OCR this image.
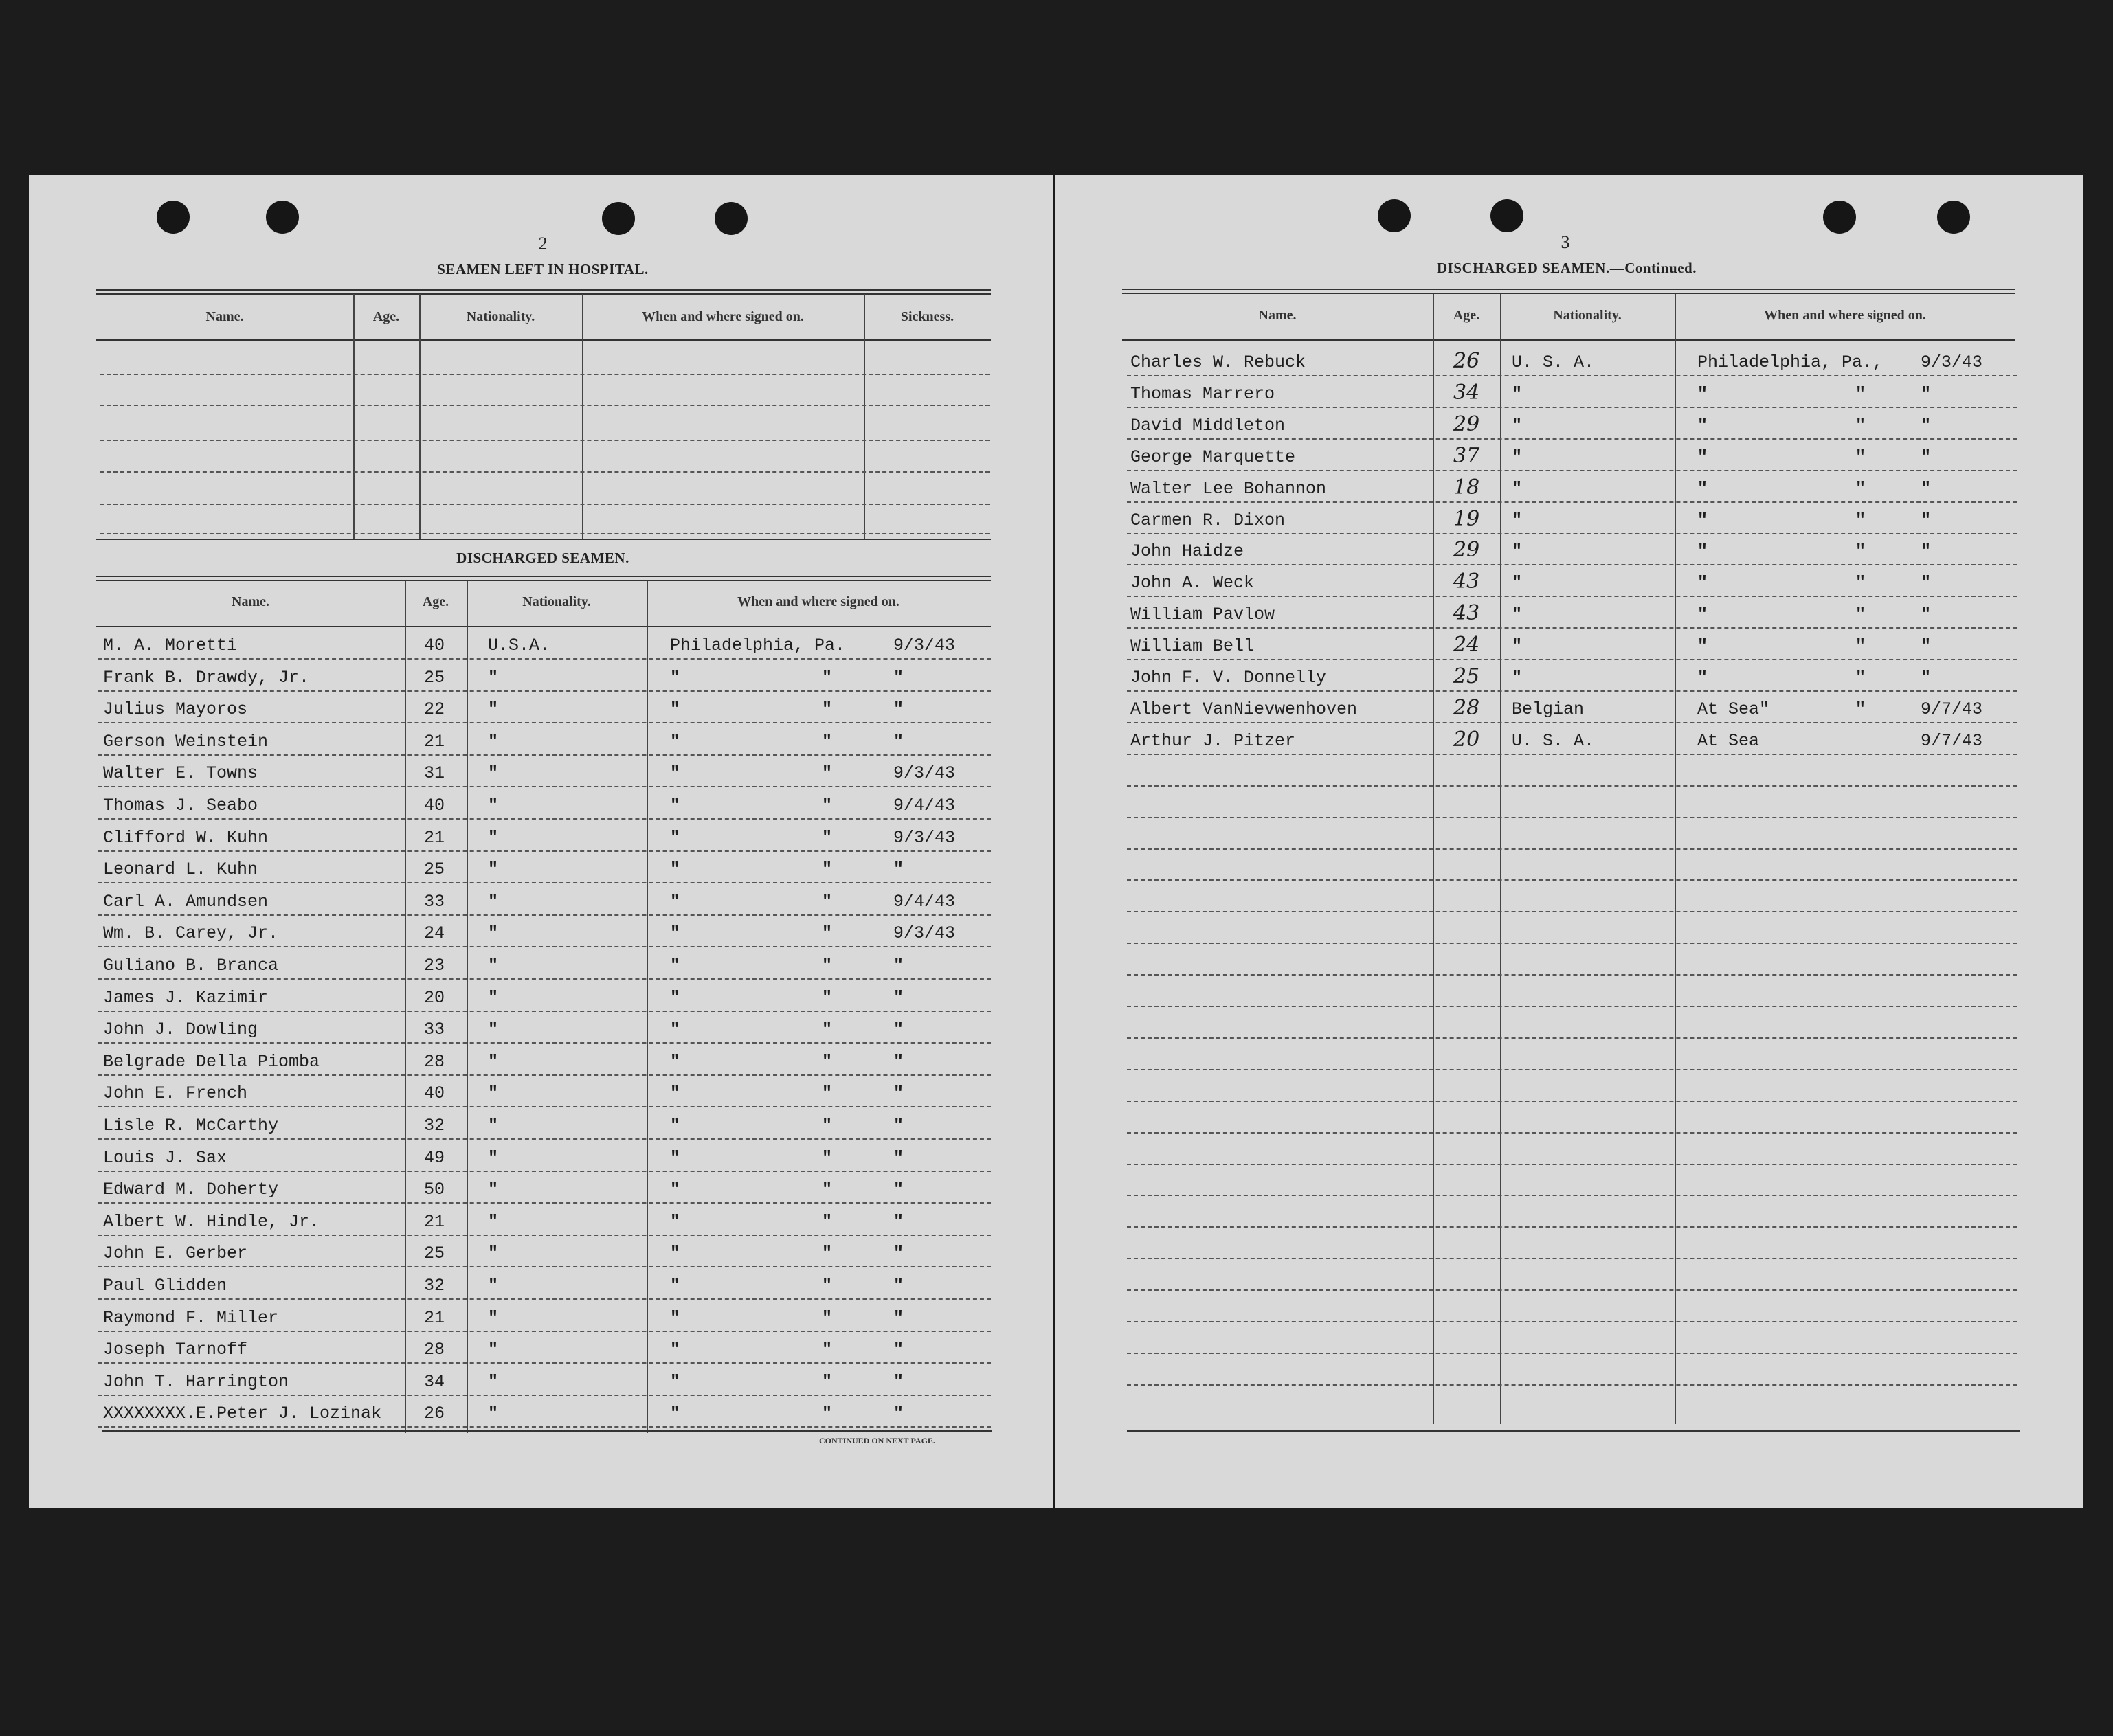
2
SEAMEN LEFT IN HOSPITAL.
Name.	Age.	Nationality.	When and where signed on.	Sickness.
DISCHARGED SEAMEN.
Name.	Age.	Nationality.	When and where signed on.
M. A. Moretti	40	U.S.A.	Philadelphia, Pa.	9/3/43
Frank B. Drawdy, Jr.	25	"	"	"	"
Julius Mayoros	22	"	"	"	"
Gerson Weinstein	21	"	"	"	"
Walter E. Towns	31	"	"	"	9/3/43
Thomas J. Seabo	40	"	"	"	9/4/43
Clifford W. Kuhn	21	"	"	"	9/3/43
Leonard L. Kuhn	25	"	"	"	"
Carl A. Amundsen	33	"	"	"	9/4/43
Wm. B. Carey, Jr.	24	"	"	"	9/3/43
Guliano B. Branca	23	"	"	"	"
James J. Kazimir	20	"	"	"	"
John J. Dowling	33	"	"	"	"
Belgrade Della Piomba	28	"	"	"	"
John E. French	40	"	"	"	"
Lisle R. McCarthy	32	"	"	"	"
Louis J. Sax	49	"	"	"	"
Edward M. Doherty	50	"	"	"	"
Albert W. Hindle, Jr.	21	"	"	"	"
John E. Gerber	25	"	"	"	"
Paul Glidden	32	"	"	"	"
Raymond F. Miller	21	"	"	"	"
Joseph Tarnoff	28	"	"	"	"
John T. Harrington	34	"	"	"	"
XXXXXXXX.E.Peter J. Lozinak 26	"	"	"	"
CONTINUED ON NEXT PAGE.
3
DISCHARGED SEAMEN.—Continued.
Name.	Age.	Nationality.	When and where signed on.
Charles W. Rebuck	26 U. S. A.	Philadelphia, Pa., 9/3/43
Thomas Marrero	34 "	"	"	"
David Middleton	29 "	"	"	"
George Marquette	37 "	"	"	"
Walter Lee Bohannon	18 "	"	"	"
Carmen R. Dixon	19 "	"	"	"
John Haidze	29 "	"	"	"
John A. Weck	43 "	"	"	"
William Pavlow	43 "	"	"	"
William Bell	24 "	"	"	"
John F. V. Donnelly	25 "	"	"	"
Albert VanNievwenhoven	28 Belgian	At Sea"	"	9/7/43
Arthur J. Pitzer	20 U. S. A.	At Sea	9/7/43
